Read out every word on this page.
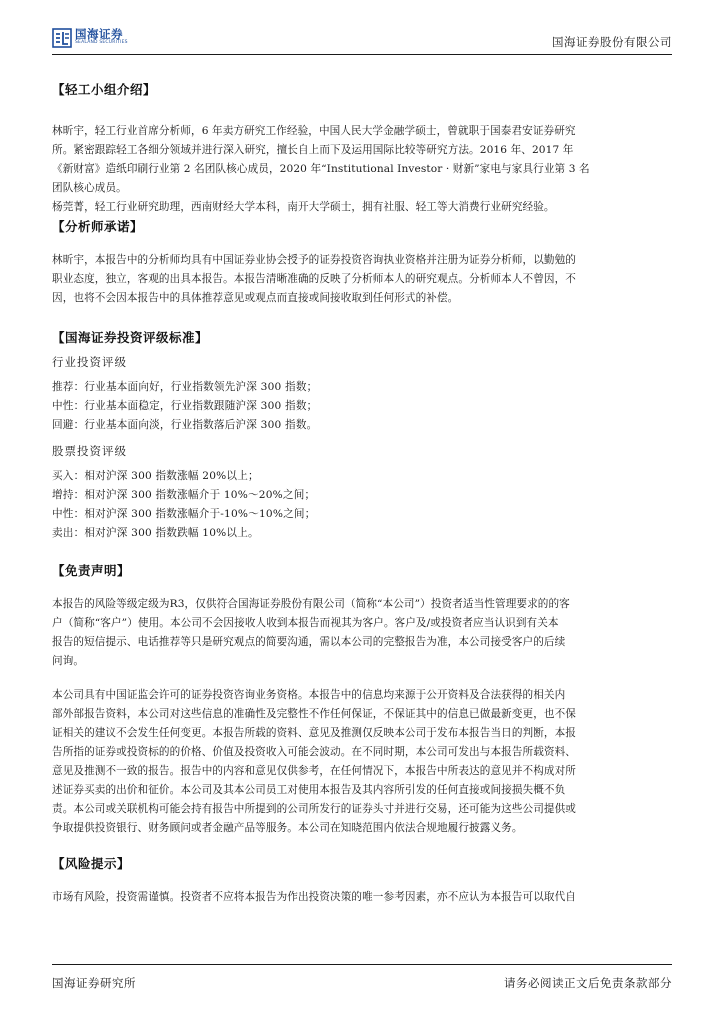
国海证券
SEALAND SECURITIES	国海证券股份有限公司

【轻工小组介绍】

林昕宇，轻工行业首席分析师，6 年卖方研究工作经验，中国人民大学金融学硕士，曾就职于国泰君安证券研究

所。紧密跟踪轻工各细分领域并进行深入研究，擅长自上而下及运用国际比较等研究方法。2016 年、2017 年

《新财富》造纸印刷行业第 2 名团队核心成员，2020 年“Institutional Investor · 财新”家电与家具行业第 3 名

团队核心成员。

杨莞菁，轻工行业研究助理，西南财经大学本科，南开大学硕士，拥有社服、轻工等大消费行业研究经验。

【分析师承诺】

林昕宇，本报告中的分析师均具有中国证券业协会授予的证券投资咨询执业资格并注册为证券分析师，以勤勉的

职业态度，独立，客观的出具本报告。本报告清晰准确的反映了分析师本人的研究观点。分析师本人不曾因，不

因，也将不会因本报告中的具体推荐意见或观点而直接或间接收取到任何形式的补偿。

【国海证券投资评级标准】

行业投资评级

推荐：行业基本面向好，行业指数领先沪深 300 指数；

中性：行业基本面稳定，行业指数跟随沪深 300 指数；

回避：行业基本面向淡，行业指数落后沪深 300 指数。

股票投资评级

买入：相对沪深 300 指数涨幅 20%以上；

增持：相对沪深 300 指数涨幅介于 10%～20%之间；

中性：相对沪深 300 指数涨幅介于-10%～10%之间；

卖出：相对沪深 300 指数跌幅 10%以上。

【免责声明】

本报告的风险等级定级为R3，仅供符合国海证券股份有限公司（简称“本公司”）投资者适当性管理要求的的客

户（简称“客户”）使用。本公司不会因接收人收到本报告而视其为客户。客户及/或投资者应当认识到有关本

报告的短信提示、电话推荐等只是研究观点的简要沟通，需以本公司的完整报告为准，本公司接受客户的后续

问询。

本公司具有中国证监会许可的证券投资咨询业务资格。本报告中的信息均来源于公开资料及合法获得的相关内

部外部报告资料，本公司对这些信息的准确性及完整性不作任何保证，不保证其中的信息已做最新变更，也不保

证相关的建议不会发生任何变更。本报告所载的资料、意见及推测仅反映本公司于发布本报告当日的判断，本报

告所指的证券或投资标的的价格、价值及投资收入可能会波动。在不同时期，本公司可发出与本报告所载资料、

意见及推测不一致的报告。报告中的内容和意见仅供参考，在任何情况下，本报告中所表达的意见并不构成对所

述证券买卖的出价和征价。本公司及其本公司员工对使用本报告及其内容所引发的任何直接或间接损失概不负

责。本公司或关联机构可能会持有报告中所提到的公司所发行的证券头寸并进行交易，还可能为这些公司提供或

争取提供投资银行、财务顾问或者金融产品等服务。本公司在知晓范围内依法合规地履行披露义务。

【风险提示】

市场有风险，投资需谨慎。投资者不应将本报告为作出投资决策的唯一参考因素，亦不应认为本报告可以取代自

国海证券研究所	请务必阅读正文后免责条款部分
